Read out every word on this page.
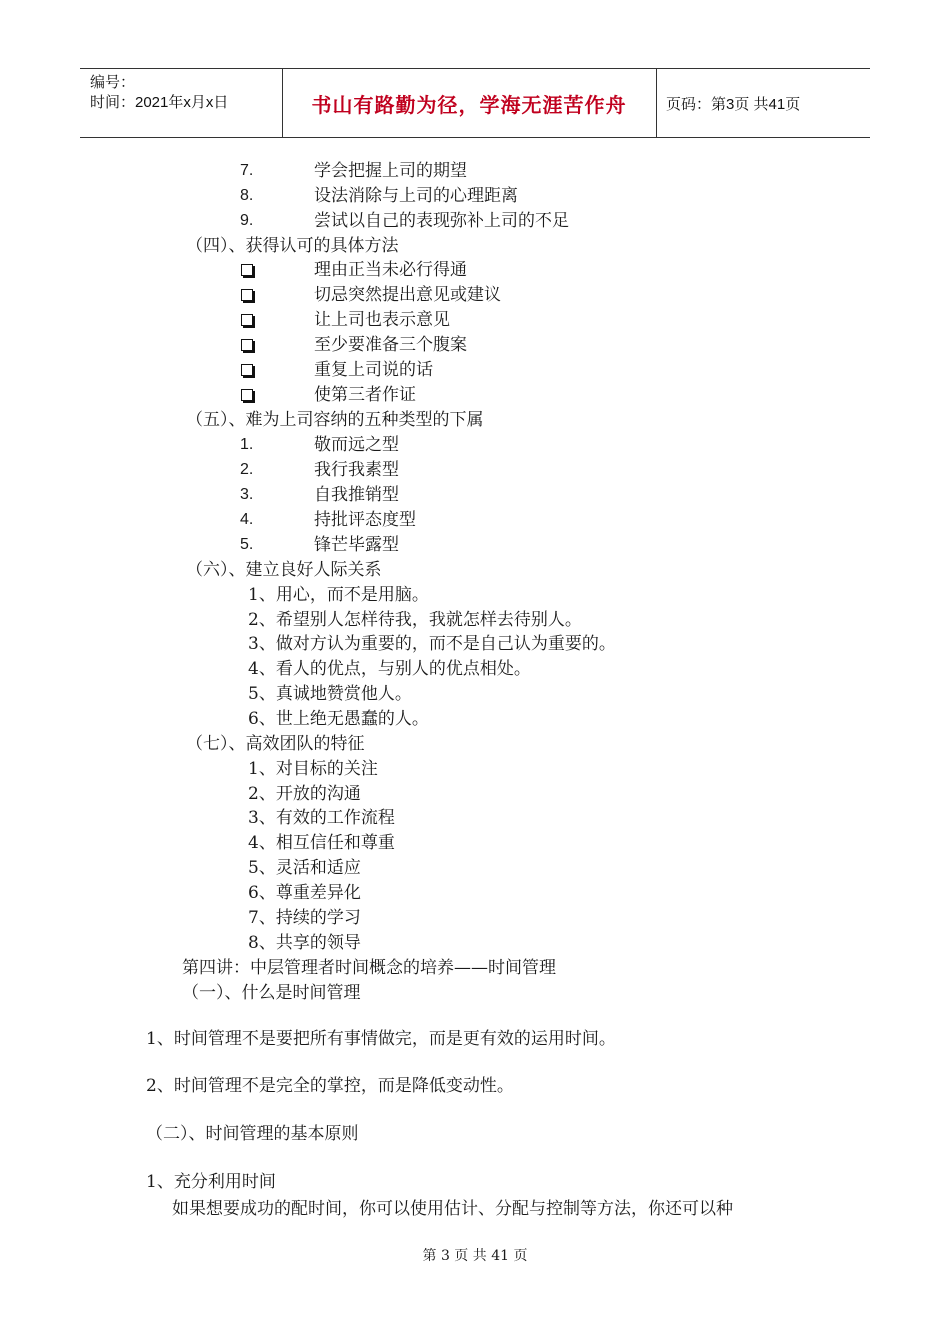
编号：
时间：2021年x月x日	书山有路勤为径，学海无涯苦作舟	页码：第3页 共41页
7.	学会把握上司的期望
8.	设法消除与上司的心理距离
9.	尝试以自己的表现弥补上司的不足
（四）、获得认可的具体方法
理由正当未必行得通
切忌突然提出意见或建议
让上司也表示意见
至少要准备三个腹案
重复上司说的话
使第三者作证
（五）、难为上司容纳的五种类型的下属
1.	敬而远之型
2.	我行我素型
3.	自我推销型
4.	持批评态度型
5.	锋芒毕露型
（六）、建立良好人际关系
1、用心，而不是用脑。
2、希望别人怎样待我，我就怎样去待别人。
3、做对方认为重要的，而不是自己认为重要的。
4、看人的优点，与别人的优点相处。
5、真诚地赞赏他人。
6、世上绝无愚蠢的人。
（七）、高效团队的特征
1、对目标的关注
2、开放的沟通
3、有效的工作流程
4、相互信任和尊重
5、灵活和适应
6、尊重差异化
7、持续的学习
8、共享的领导
第四讲：中层管理者时间概念的培养——时间管理
（一）、什么是时间管理
1、时间管理不是要把所有事情做完，而是更有效的运用时间。
2、时间管理不是完全的掌控，而是降低变动性。
（二）、时间管理的基本原则
1、充分利用时间
如果想要成功的配时间，你可以使用估计、分配与控制等方法，你还可以种
第 3 页 共 41 页
